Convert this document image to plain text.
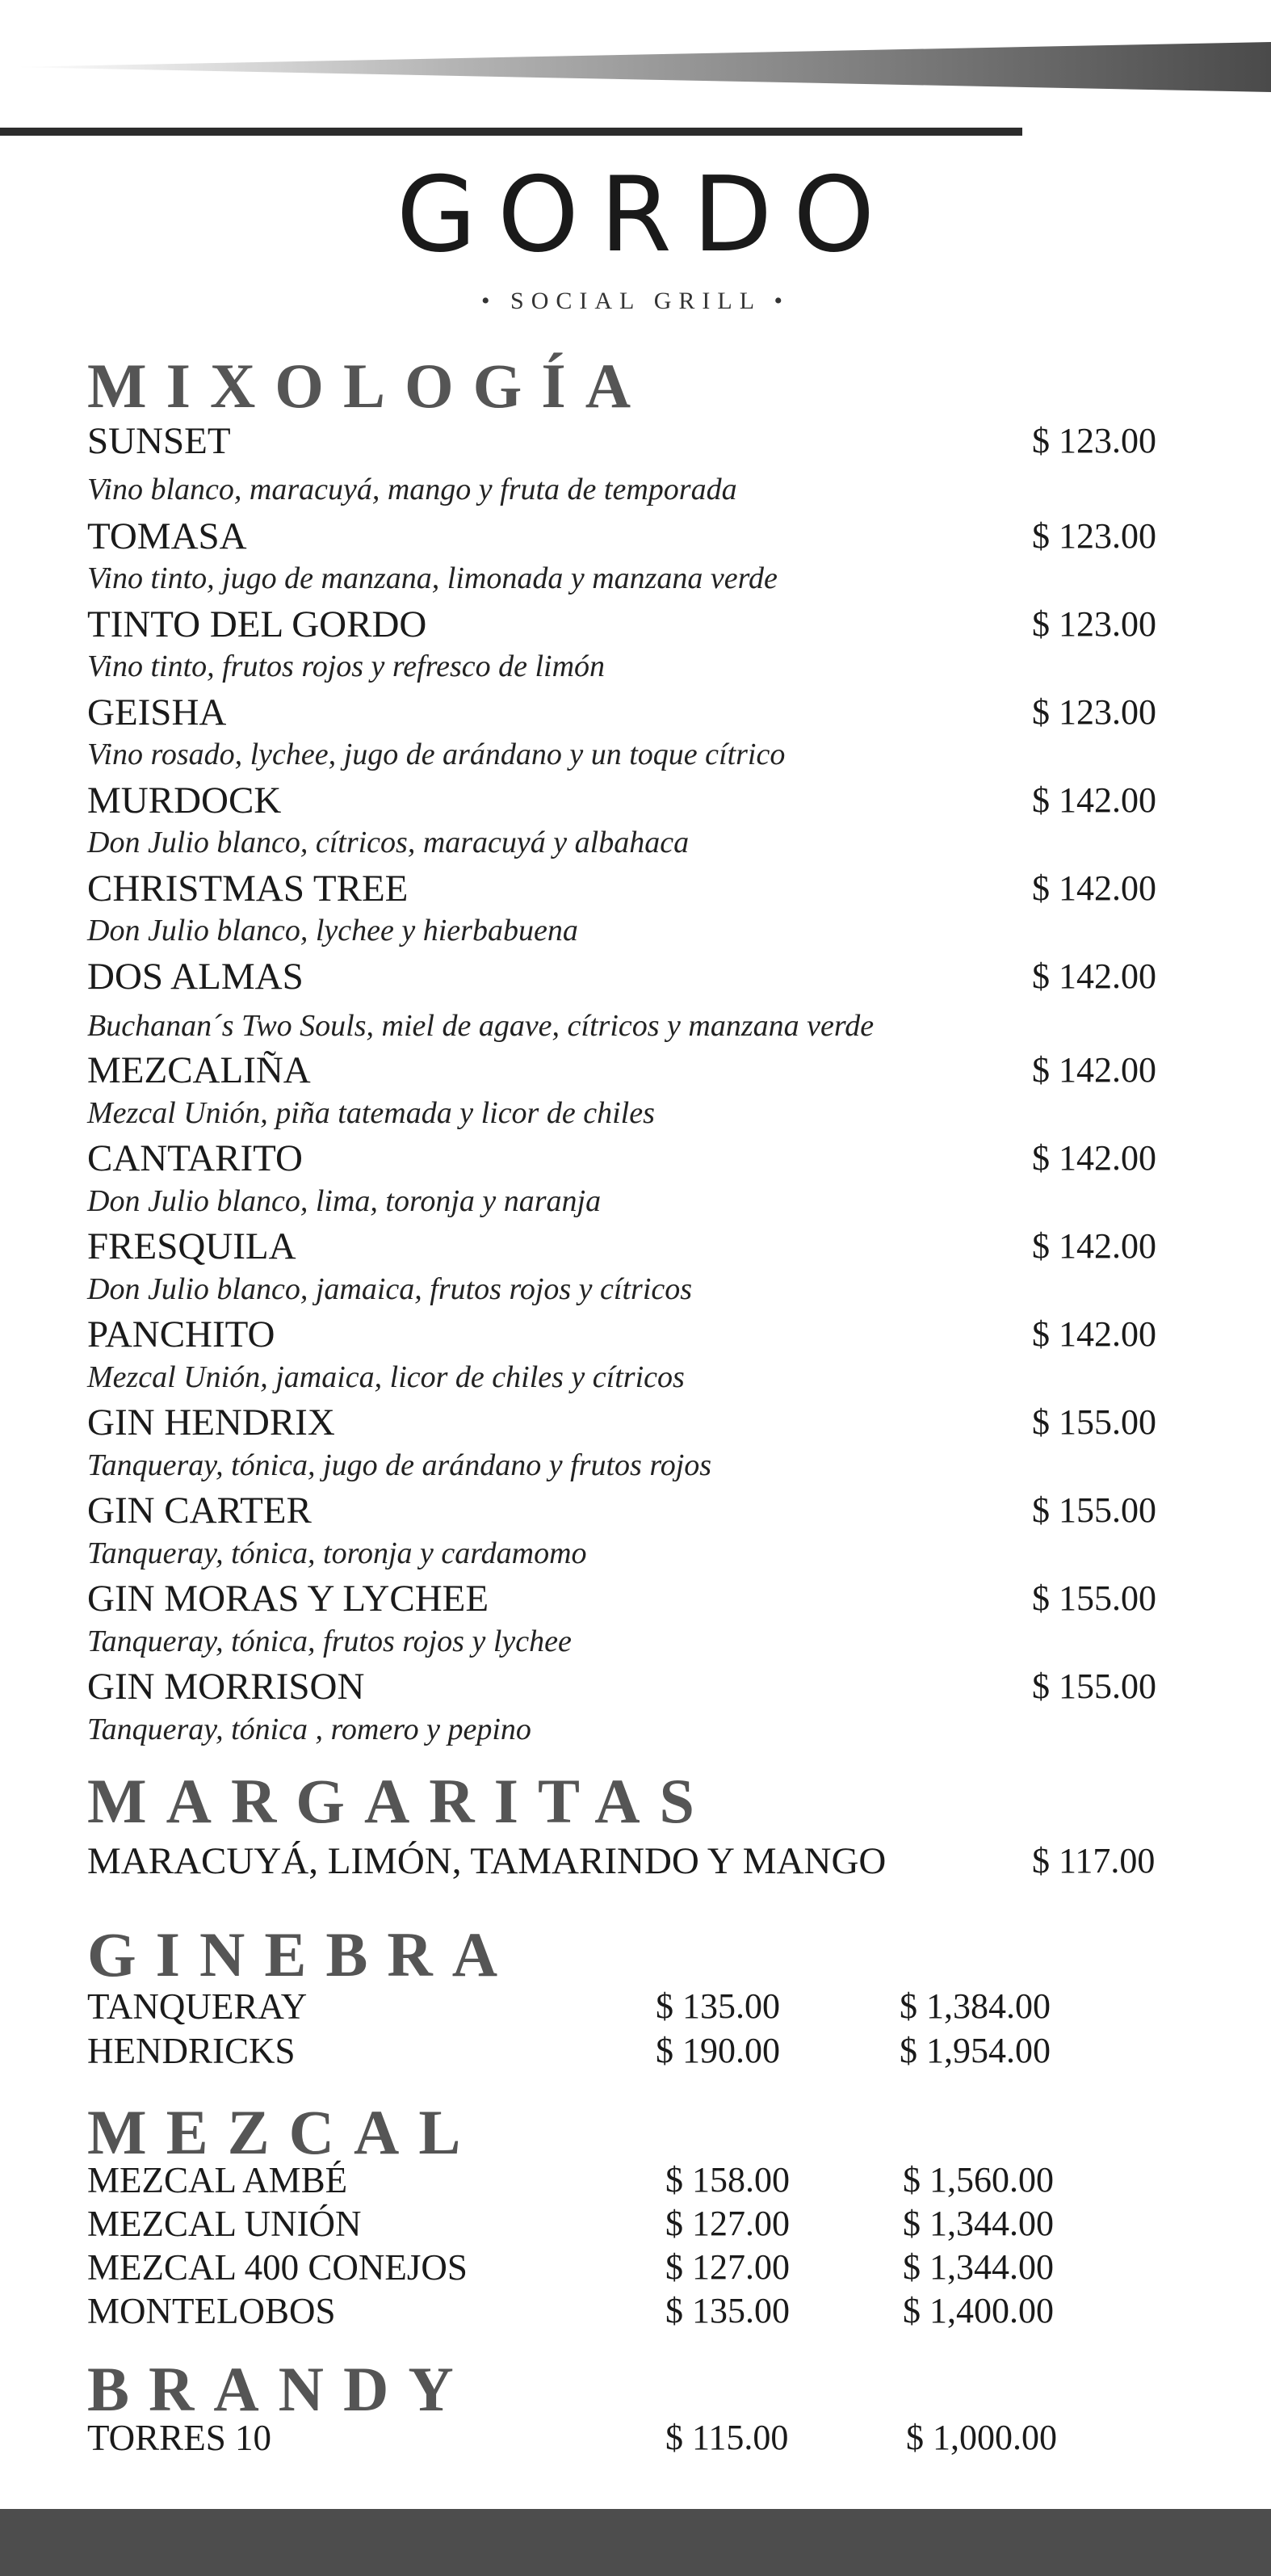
GORDO
• SOCIAL GRILL •
MIXOLOGÍA
SUNSET	$ 123.00
Vino blanco, maracuyá, mango y fruta de temporada
TOMASA	$ 123.00
Vino tinto, jugo de manzana, limonada y manzana verde
TINTO DEL GORDO	$ 123.00
Vino tinto, frutos rojos y refresco de limón
GEISHA	$ 123.00
Vino rosado, lychee, jugo de arándano y un toque cítrico
MURDOCK	$ 142.00
Don Julio blanco, cítricos, maracuyá y albahaca
CHRISTMAS TREE	$ 142.00
Don Julio blanco, lychee y hierbabuena
DOS ALMAS	$ 142.00
Buchanan´s Two Souls, miel de agave, cítricos y manzana verde
MEZCALIÑA	$ 142.00
Mezcal Unión, piña tatemada y licor de chiles
CANTARITO	$ 142.00
Don Julio blanco, lima, toronja y naranja
FRESQUILA	$ 142.00
Don Julio blanco, jamaica, frutos rojos y cítricos
PANCHITO	$ 142.00
Mezcal Unión, jamaica, licor de chiles y cítricos
GIN HENDRIX	$ 155.00
Tanqueray, tónica, jugo de arándano y frutos rojos
GIN CARTER	$ 155.00
Tanqueray, tónica, toronja y cardamomo
GIN MORAS Y LYCHEE	$ 155.00
Tanqueray, tónica, frutos rojos y lychee
GIN MORRISON	$ 155.00
Tanqueray, tónica , romero y pepino
MARGARITAS
MARACUYÁ, LIMÓN, TAMARINDO Y MANGO	$ 117.00
GINEBRA
TANQUERAY	$ 135.00	$ 1,384.00
HENDRICKS	$ 190.00	$ 1,954.00
MEZCAL
MEZCAL AMBÉ	$ 158.00	$ 1,560.00
MEZCAL UNIÓN	$ 127.00	$ 1,344.00
MEZCAL 400 CONEJOS	$ 127.00	$ 1,344.00
MONTELOBOS	$ 135.00	$ 1,400.00
BRANDY
TORRES 10	$ 115.00	$ 1,000.00
